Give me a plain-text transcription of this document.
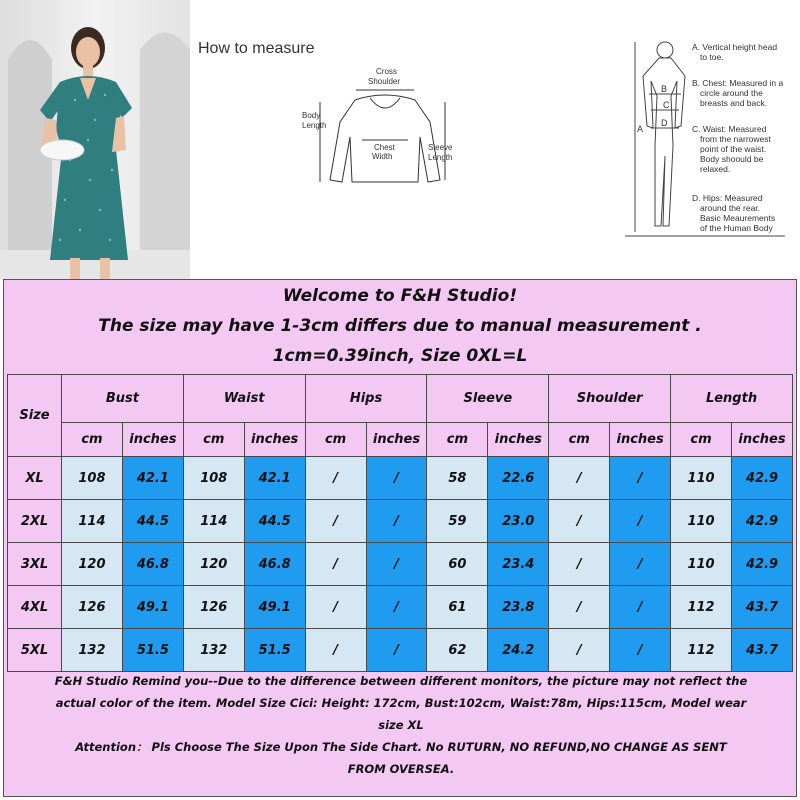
How to measure
Cross
Shoulder
Body
Length
Chest
Width
Sleeve
Length
A
B
C
D
A. Vertical height head
to toe.
B. Chest: Measured in a
circle around the
breasts and back.
C. Waist: Measured
from the narrowest
point of the waist.
Body shoould be
relaxed.
D. Hips: Measured
around the rear.
Basic Meaurements
of the Human Body
Welcome to F&H Studio!
The size may have 1-3cm differs due to manual measurement .
1cm=0.39inch, Size 0XL=L
Size	Bust		Waist		Hips		Sleeve		Shoulder		Length	
	cm	inches	cm	inches	cm	inches	cm	inches	cm	inches	cm	inches
XL	108	42.1	108	42.1	/	/	58	22.6	/	/	110	42.9
2XL	114	44.5	114	44.5	/	/	59	23.0	/	/	110	42.9
3XL	120	46.8	120	46.8	/	/	60	23.4	/	/	110	42.9
4XL	126	49.1	126	49.1	/	/	61	23.8	/	/	112	43.7
5XL	132	51.5	132	51.5	/	/	62	24.2	/	/	112	43.7
F&H Studio Remind you--Due to the difference between different monitors, the picture may not reflect the
actual color of the item. Model Size Cici: Height: 172cm, Bust:102cm, Waist:78m, Hips:115cm, Model wear
size XL
Attention： Pls Choose The Size Upon The Side Chart. No RUTURN, NO REFUND,NO CHANGE AS SENT
FROM OVERSEA.
